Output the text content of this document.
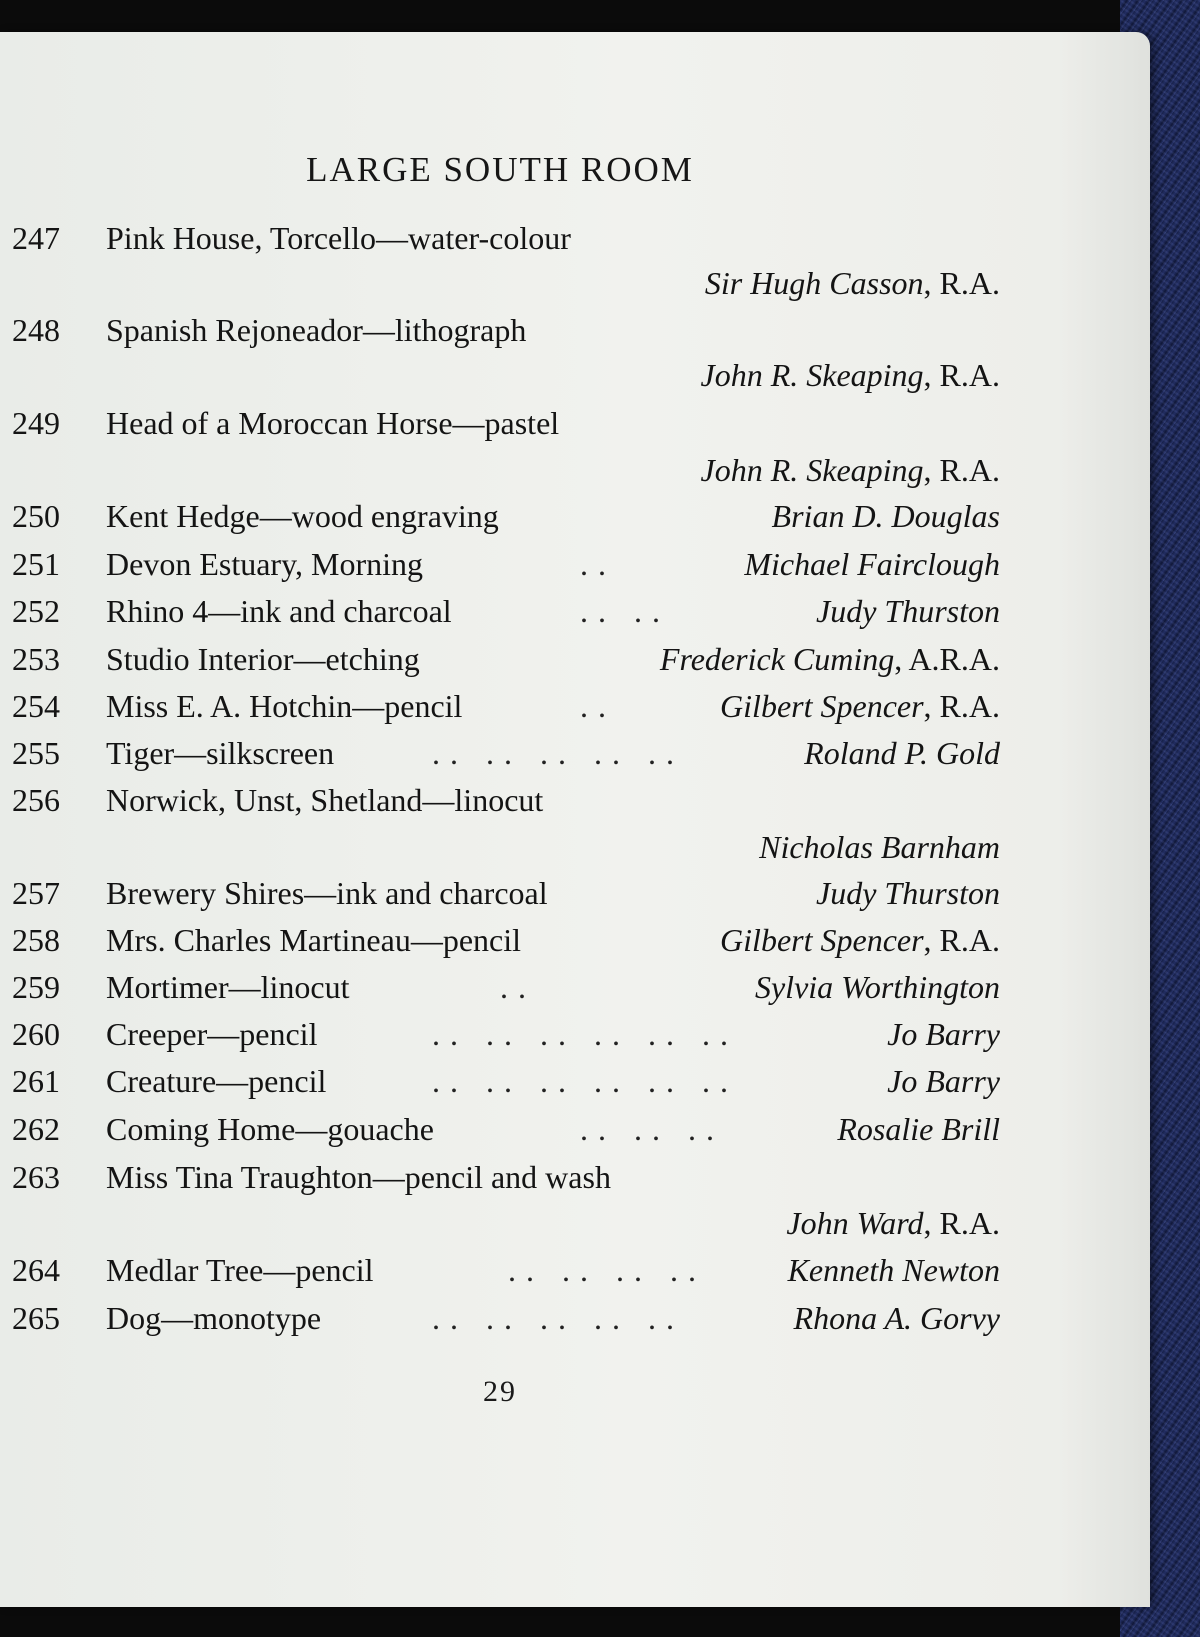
LARGE SOUTH ROOM
247 Pink House, Torcello—water-colour
Sir Hugh Casson, R.A.
248 Spanish Rejoneador—lithograph
John R. Skeaping, R.A.
249 Head of a Moroccan Horse—pastel
John R. Skeaping, R.A.
250 Kent Hedge—wood engraving	Brian D. Douglas
251 Devon Estuary, Morning	..	Michael Fairclough
252 Rhino 4—ink and charcoal	.. ..	Judy Thurston
253 Studio Interior—etching	Frederick Cuming, A.R.A.
254 Miss E. A. Hotchin—pencil	..	Gilbert Spencer, R.A.
255 Tiger—silkscreen	.. .. .. .. ..	Roland P. Gold
256 Norwick, Unst, Shetland—linocut
Nicholas Barnham
257 Brewery Shires—ink and charcoal	Judy Thurston
258 Mrs. Charles Martineau—pencil	Gilbert Spencer, R.A.
259 Mortimer—linocut	..	Sylvia Worthington
260 Creeper—pencil	.. .. .. .. .. ..	Jo Barry
261 Creature—pencil	.. .. .. .. .. ..	Jo Barry
262 Coming Home—gouache	.. .. ..	Rosalie Brill
263 Miss Tina Traughton—pencil and wash
John Ward, R.A.
264 Medlar Tree—pencil	.. .. .. ..	Kenneth Newton
265 Dog—monotype	.. .. .. .. ..	Rhona A. Gorvy
29
